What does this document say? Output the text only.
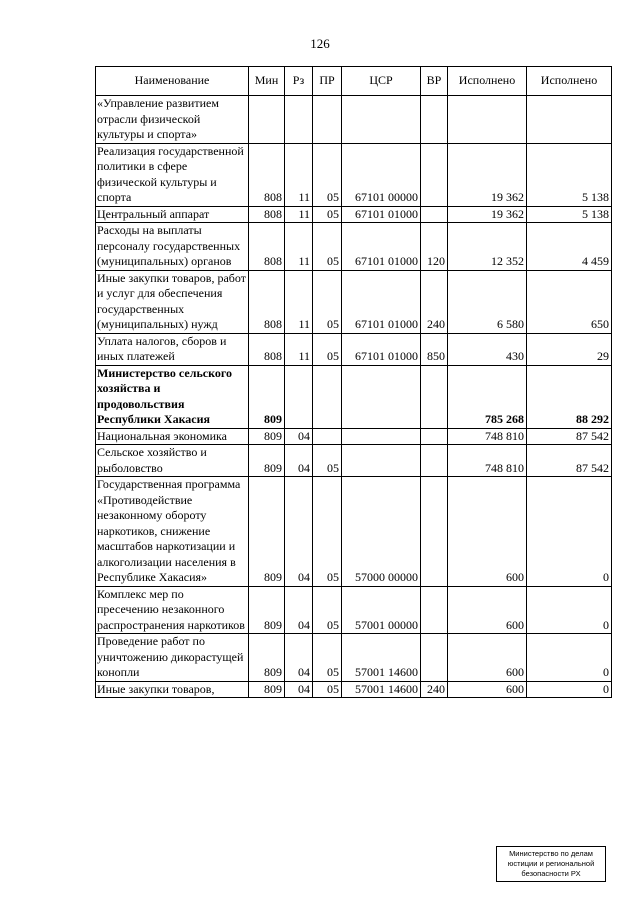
126
Наименование	Мин	Рз	ПР	ЦСР	ВР	Исполнено	Исполнено
«Управление развитием отрасли физической культуры и спорта»							
Реализация государственной политики в сфере физической культуры и спорта	808	11	05	67101 00000		19 362	5 138
Центральный аппарат	808	11	05	67101 01000		19 362	5 138
Расходы на выплаты персоналу государственных (муниципальных) органов	808	11	05	67101 01000	120	12 352	4 459
Иные закупки товаров, работ и услуг для обеспечения государственных (муниципальных) нужд	808	11	05	67101 01000	240	6 580	650
Уплата налогов, сборов и иных платежей	808	11	05	67101 01000	850	430	29
Министерство сельского хозяйства и продовольствия Республики Хакасия	809					785 268	88 292
Национальная экономика	809	04				748 810	87 542
Сельское хозяйство и рыболовство	809	04	05			748 810	87 542
Государственная программа «Противодействие незаконному обороту наркотиков, снижение масштабов наркотизации и алкоголизации населения в Республике Хакасия»	809	04	05	57000 00000		600	0
Комплекс мер по пресечению незаконного распространения наркотиков	809	04	05	57001 00000		600	0
Проведение работ по уничтожению дикорастущей конопли	809	04	05	57001 14600		600	0
Иные закупки товаров,	809	04	05	57001 14600	240	600	0
Министерство по делам
юстиции и региональной
безопасности РХ
